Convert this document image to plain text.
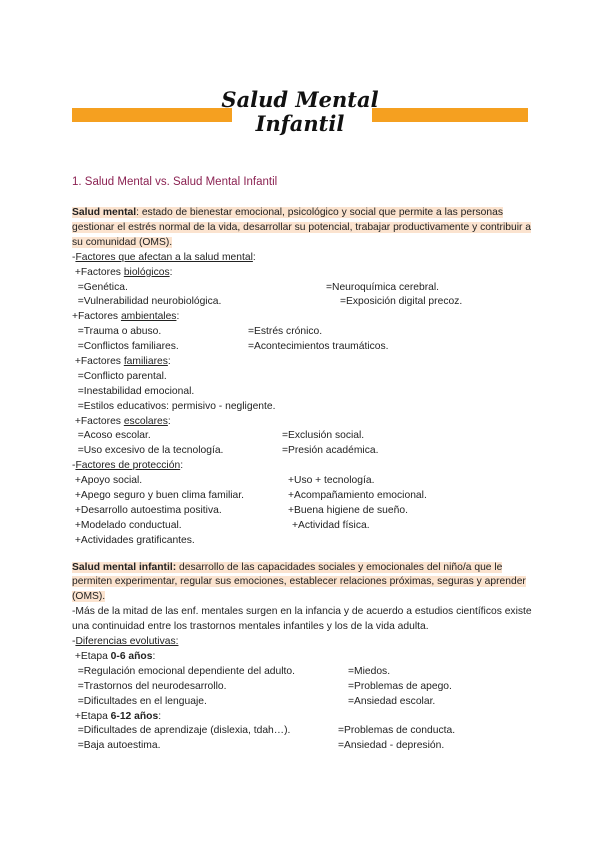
Salud Mental
Infantil
1. Salud Mental vs. Salud Mental Infantil

Salud mental: estado de bienestar emocional, psicológico y social que permite a las personas gestionar el estrés normal de la vida, desarrollar su potencial, trabajar productivamente y contribuir a su comunidad (OMS).

-Factores que afectan a la salud mental:
+Factores biológicos:
=Genética.	=Neuroquímica cerebral.
=Vulnerabilidad neurobiológica.	=Exposición digital precoz.
+Factores ambientales:
=Trauma o abuso.	=Estrés crónico.
=Conflictos familiares.	=Acontecimientos traumáticos.
+Factores familiares:
=Conflicto parental.
=Inestabilidad emocional.
=Estilos educativos: permisivo - negligente.
+Factores escolares:
=Acoso escolar.	=Exclusión social.
=Uso excesivo de la tecnología.	=Presión académica.
-Factores de protección:
+Apoyo social.	+Uso + tecnología.
+Apego seguro y buen clima familiar.	+Acompañamiento emocional.
+Desarrollo autoestima positiva.	+Buena higiene de sueño.
+Modelado conductual.	+Actividad física.
+Actividades gratificantes.

Salud mental infantil: desarrollo de las capacidades sociales y emocionales del niño/a que le permiten experimentar, regular sus emociones, establecer relaciones próximas, seguras y aprender (OMS).

-Más de la mitad de las enf. mentales surgen en la infancia y de acuerdo a estudios científicos existe una continuidad entre los trastornos mentales infantiles y los de la vida adulta.

-Diferencias evolutivas:
+Etapa 0-6 años:
=Regulación emocional dependiente del adulto.	=Miedos.
=Trastornos del neurodesarrollo.	=Problemas de apego.
=Dificultades en el lenguaje.	=Ansiedad escolar.
+Etapa 6-12 años:
=Dificultades de aprendizaje (dislexia, tdah…).	=Problemas de conducta.
=Baja autoestima.	=Ansiedad - depresión.
